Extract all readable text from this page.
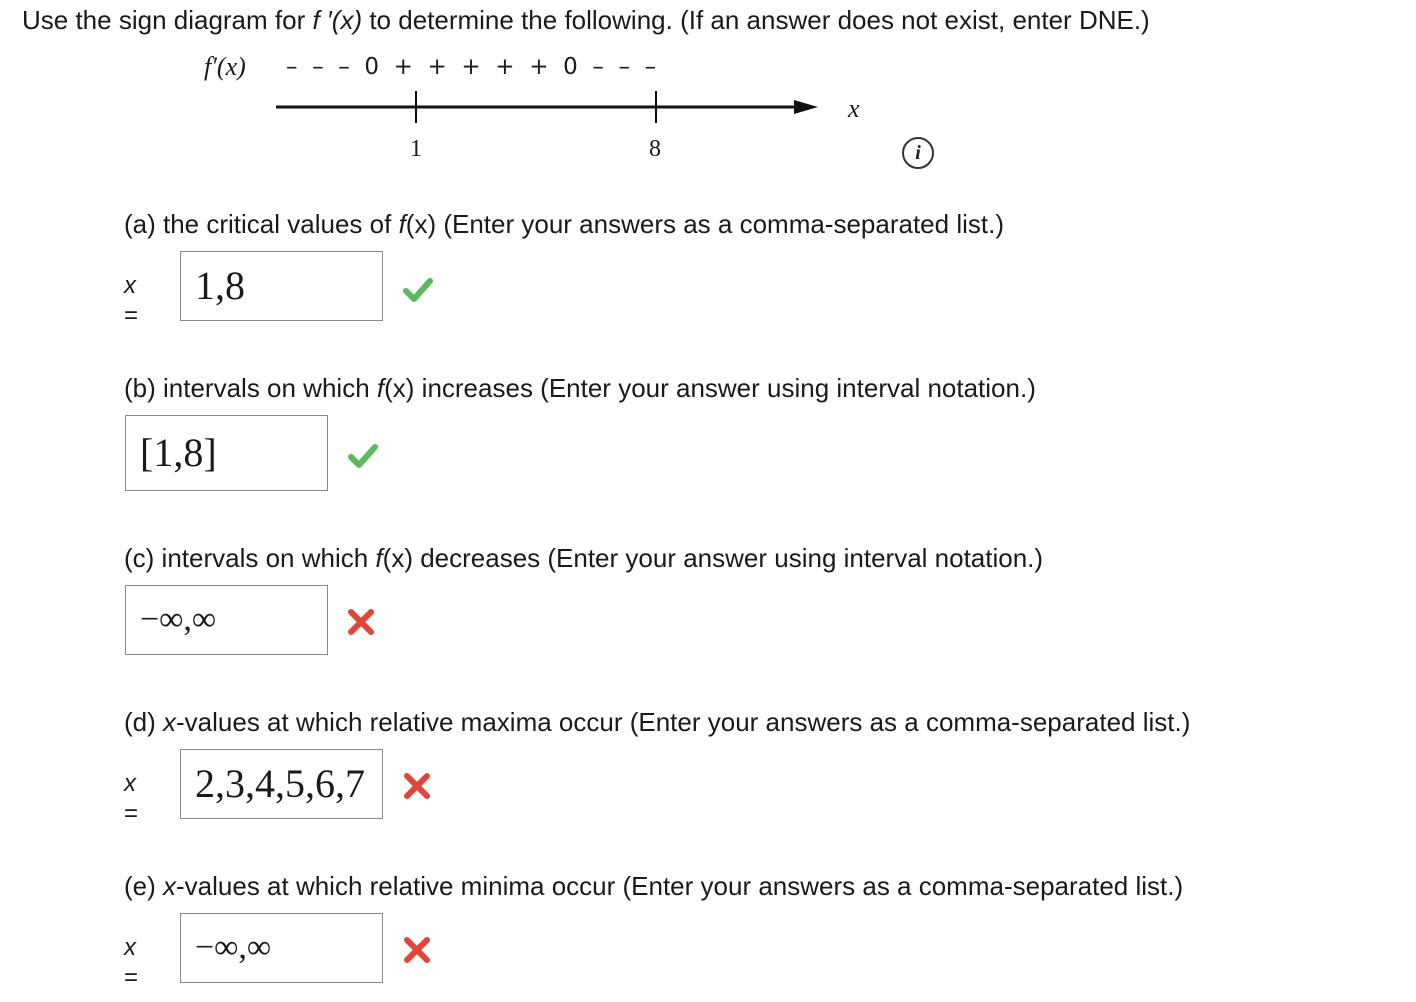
Use the sign diagram for f ′(x) to determine the following. (If an answer does not exist, enter DNE.)
f′(x) –  –  –  0  +  +  +  +  +  0  –  –  –
1	8
x
i
(a) the critical values of f(x) (Enter your answers as a comma-separated list.)
x =
1,8
(b) intervals on which f(x) increases (Enter your answer using interval notation.)
[1,8]
(c) intervals on which f(x) decreases (Enter your answer using interval notation.)
−∞,∞
(d) x-values at which relative maxima occur (Enter your answers as a comma-separated list.)
x =
2,3,4,5,6,7
(e) x-values at which relative minima occur (Enter your answers as a comma-separated list.)
x =
−∞,∞
